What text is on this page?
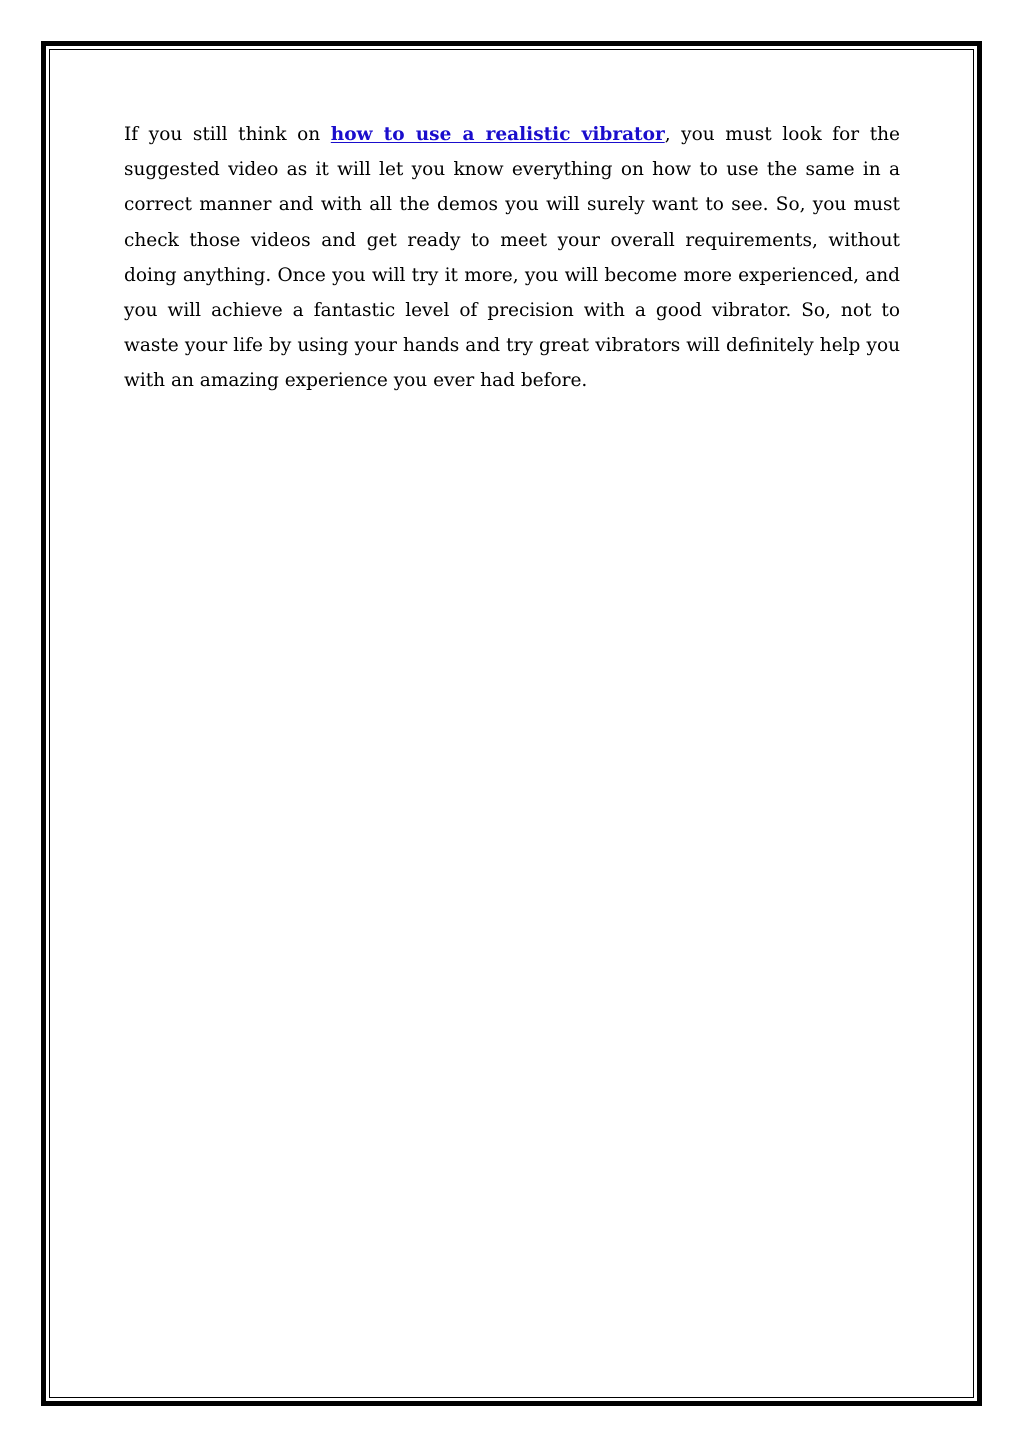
If you still think on how to use a realistic vibrator, you must look for the suggested video as it will let you know everything on how to use the same in a correct manner and with all the demos you will surely want to see. So, you must check those videos and get ready to meet your overall requirements, without doing anything. Once you will try it more, you will become more experienced, and you will achieve a fantastic level of precision with a good vibrator. So, not to waste your life by using your hands and try great vibrators will definitely help you with an amazing experience you ever had before.
